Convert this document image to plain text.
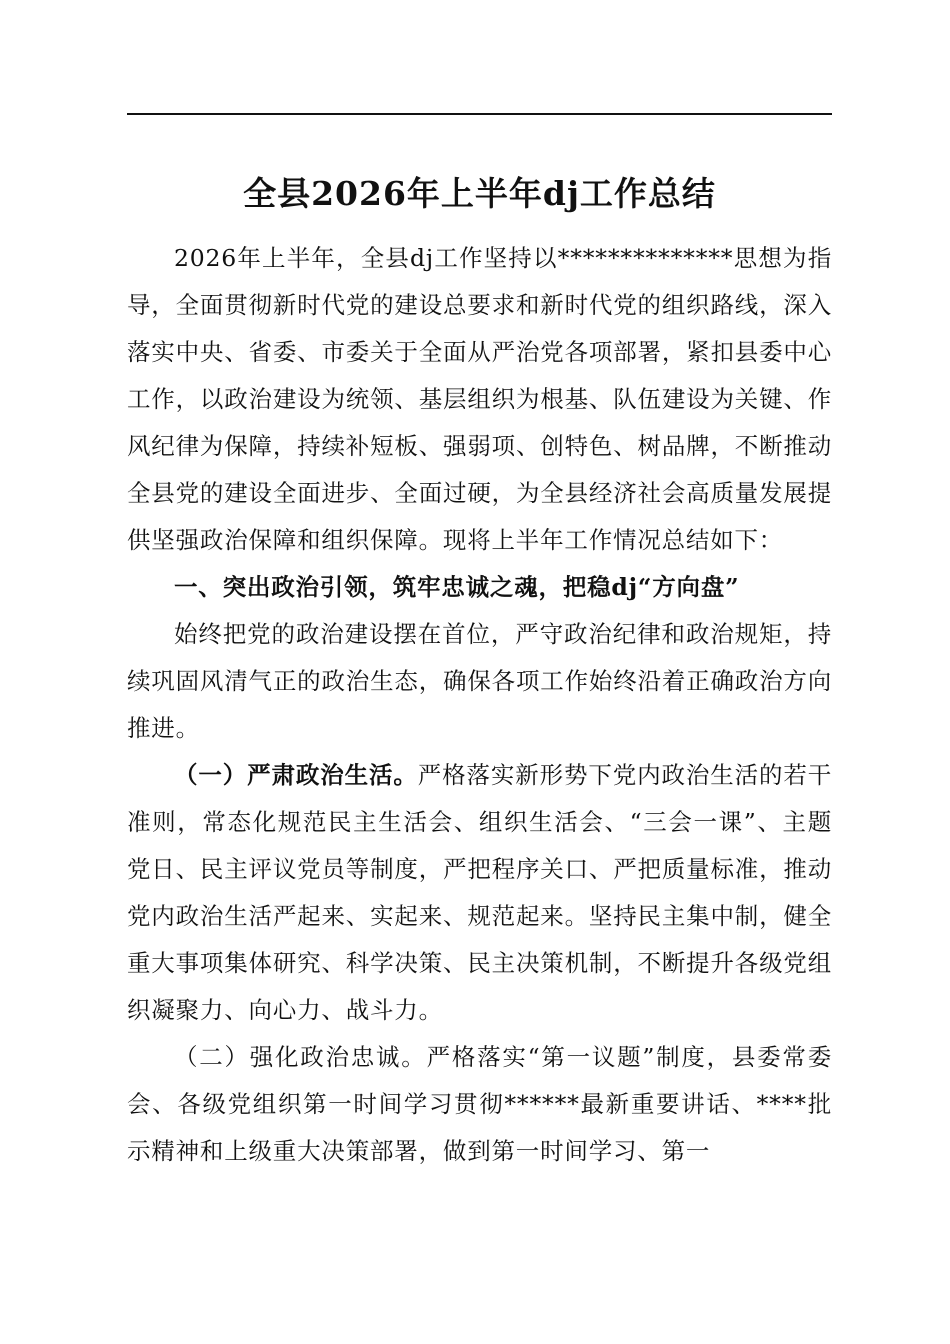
全县2026年上半年dj工作总结

2026年上半年，全县dj工作坚持以**************思想为指导，全面贯彻新时代党的建设总要求和新时代党的组织路线，深入落实中央、省委、市委关于全面从严治党各项部署，紧扣县委中心工作，以政治建设为统领、基层组织为根基、队伍建设为关键、作风纪律为保障，持续补短板、强弱项、创特色、树品牌，不断推动全县党的建设全面进步、全面过硬，为全县经济社会高质量发展提供坚强政治保障和组织保障。现将上半年工作情况总结如下：

一、突出政治引领，筑牢忠诚之魂，把稳dj“方向盘”

始终把党的政治建设摆在首位，严守政治纪律和政治规矩，持续巩固风清气正的政治生态，确保各项工作始终沿着正确政治方向推进。

（一）严肃政治生活。严格落实新形势下党内政治生活的若干准则，常态化规范民主生活会、组织生活会、“三会一课”、主题党日、民主评议党员等制度，严把程序关口、严把质量标准，推动党内政治生活严起来、实起来、规范起来。坚持民主集中制，健全重大事项集体研究、科学决策、民主决策机制，不断提升各级党组织凝聚力、向心力、战斗力。

（二）强化政治忠诚。严格落实“第一议题”制度，县委常委会、各级党组织第一时间学习贯彻******最新重要讲话、****批示精神和上级重大决策部署，做到第一时间学习、第一
